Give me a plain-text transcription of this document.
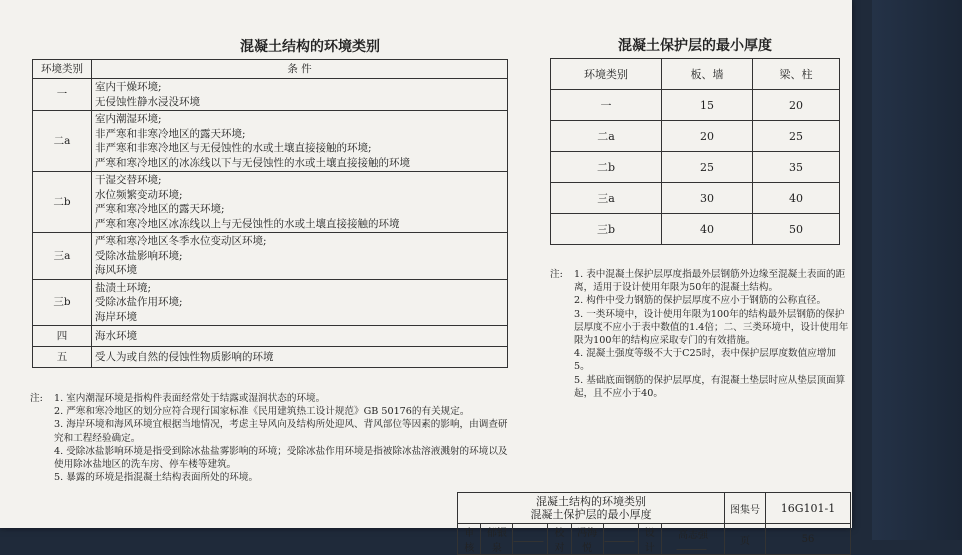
混凝土结构的环境类别
环境类别	条 件
一	室内干燥环境;
无侵蚀性静水浸没环境

二a	室内潮湿环境;
非严寒和非寒冷地区的露天环境;
非严寒和非寒冷地区与无侵蚀性的水或土壤直接接触的环境;
严寒和寒冷地区的冰冻线以下与无侵蚀性的水或土壤直接接触的环境

二b	干湿交替环境;
水位频繁变动环境;
严寒和寒冷地区的露天环境;
严寒和寒冷地区冰冻线以上与无侵蚀性的水或土壤直接接触的环境

三a	严寒和寒冷地区冬季水位变动区环境;
受除冰盐影响环境;
海风环境

三b	盐渍土环境;
受除冰盐作用环境;
海岸环境

四	海水环境

五	受人为或自然的侵蚀性物质影响的环境
注: 1. 室内潮湿环境是指构件表面经常处于结露或湿润状态的环境。
2. 严寒和寒冷地区的划分应符合现行国家标准《民用建筑热工设计规范》GB 50176的有关规定。
3. 海岸环境和海风环境宜根据当地情况，考虑主导风向及结构所处迎风、背风部位等因素的影响，由调查研究和工程经验确定。
4. 受除冰盐影响环境是指受到除冰盐盐雾影响的环境；受除冰盐作用环境是指被除冰盐溶液溅射的环境以及使用除冰盐地区的洗车房、停车楼等建筑。
5. 暴露的环境是指混凝土结构表面所处的环境。
混凝土保护层的最小厚度
环境类别	板、墙	梁、柱
一	15	20
二a	20	25
二b	25	35
三a	30	40
三b	40	50
注: 1. 表中混凝土保护层厚度指最外层钢筋外边缘至混凝土表面的距离，适用于设计使用年限为50年的混凝土结构。
2. 构件中受力钢筋的保护层厚度不应小于钢筋的公称直径。
3. 一类环境中，设计使用年限为100年的结构最外层钢筋的保护层厚度不应小于表中数值的1.4倍；二、三类环境中，设计使用年限为100年的结构应采取专门的有效措施。
4. 混凝土强度等级不大于C25时，表中保护层厚度数值应增加5。
5. 基础底面钢筋的保护层厚度，有混凝土垫层时应从垫层顶面算起，且不应小于40。
混凝土结构的环境类别
混凝土保护层的最小厚度								图集号	16G101-1
审核	郁银泉		校对	冯海悦		设计	高志强	页	56
